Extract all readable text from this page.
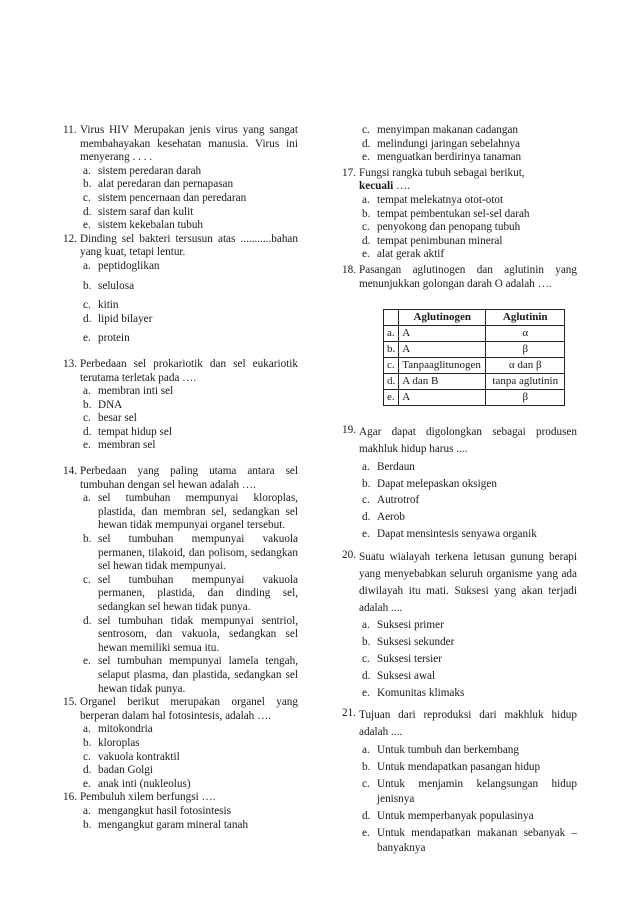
11. Virus HIV Merupakan jenis virus yang sangat membahayakan kesehatan manusia. Virus ini menyerang . . . .
a. sistem peredaran darah
b. alat peredaran dan pernapasan
c. sistem pencernaan dan peredaran
d. sistem saraf dan kulit
e. sistem kekebalan tubuh
12. Dinding sel bakteri tersusun atas ...........bahan yang kuat, tetapi lentur.
a. peptidoglikan
b. selulosa
c. kitin
d. lipid bilayer
e. protein
13. Perbedaan sel prokariotik dan sel eukariotik terutama terletak pada ….
a. membran inti sel
b. DNA
c. besar sel
d. tempat hidup sel
e. membran sel
14. Perbedaan yang paling utama antara sel tumbuhan dengan sel hewan adalah ….
a. sel tumbuhan mempunyai kloroplas, plastida, dan membran sel, sedangkan sel hewan tidak mempunyai organel tersebut.
b. sel tumbuhan mempunyai vakuola permanen, tilakoid, dan polisom, sedangkan sel hewan tidak mempunyai.
c. sel tumbuhan mempunyai vakuola permanen, plastida, dan dinding sel, sedangkan sel hewan tidak punya.
d. sel tumbuhan tidak mempunyai sentriol, sentrosom, dan vakuola, sedangkan sel hewan memiliki semua itu.
e. sel tumbuhan mempunyai lamela tengah, selaput plasma, dan plastida, sedangkan sel hewan tidak punya.
15. Organel berikut merupakan organel yang berperan dalam hal fotosintesis, adalah ….
a. mitokondria
b. kloroplas
c. vakuola kontraktil
d. badan Golgi
e. anak inti (nukleolus)
16. Pembuluh xilem berfungsi ….
a. mengangkut hasil fotosintesis
b. mengangkut garam mineral tanah
c. menyimpan makanan cadangan
d. melindungi jaringan sebelahnya
e. menguatkan berdirinya tanaman
17. Fungsi rangka tubuh sebagai berikut,
kecuali ….
a. tempat melekatnya otot-otot
b. tempat pembentukan sel-sel darah
c. penyokong dan penopang tubuh
d. tempat penimbunan mineral
e. alat gerak aktif
18. Pasangan aglutinogen dan aglutinin yang menunjukkan golongan darah O adalah ….
	Aglutinogen	Aglutinin
a.	A	α
b.	A	β
c.	Tanpaaglitunogen	α dan β
d.	A dan B	tanpa aglutinin
e.	A	β
19. Agar dapat digolongkan sebagai produsen makhluk hidup harus ....
a. Berdaun
b. Dapat melepaskan oksigen
c. Autrotrof
d. Aerob
e. Dapat mensintesis senyawa organik
20. Suatu wialayah terkena letusan gunung berapi yang menyebabkan seluruh organisme yang ada diwilayah itu mati. Suksesi yang akan terjadi adalah ....
a. Suksesi primer
b. Suksesi sekunder
c. Suksesi tersier
d. Suksesi awal
e. Komunitas klimaks
21. Tujuan dari reproduksi dari makhluk hidup adalah ....
a. Untuk tumbuh dan berkembang
b. Untuk mendapatkan pasangan hidup
c. Untuk menjamin kelangsungan hidup jenisnya
d. Untuk memperbanyak populasinya
e. Untuk mendapatkan makanan sebanyak – banyaknya
